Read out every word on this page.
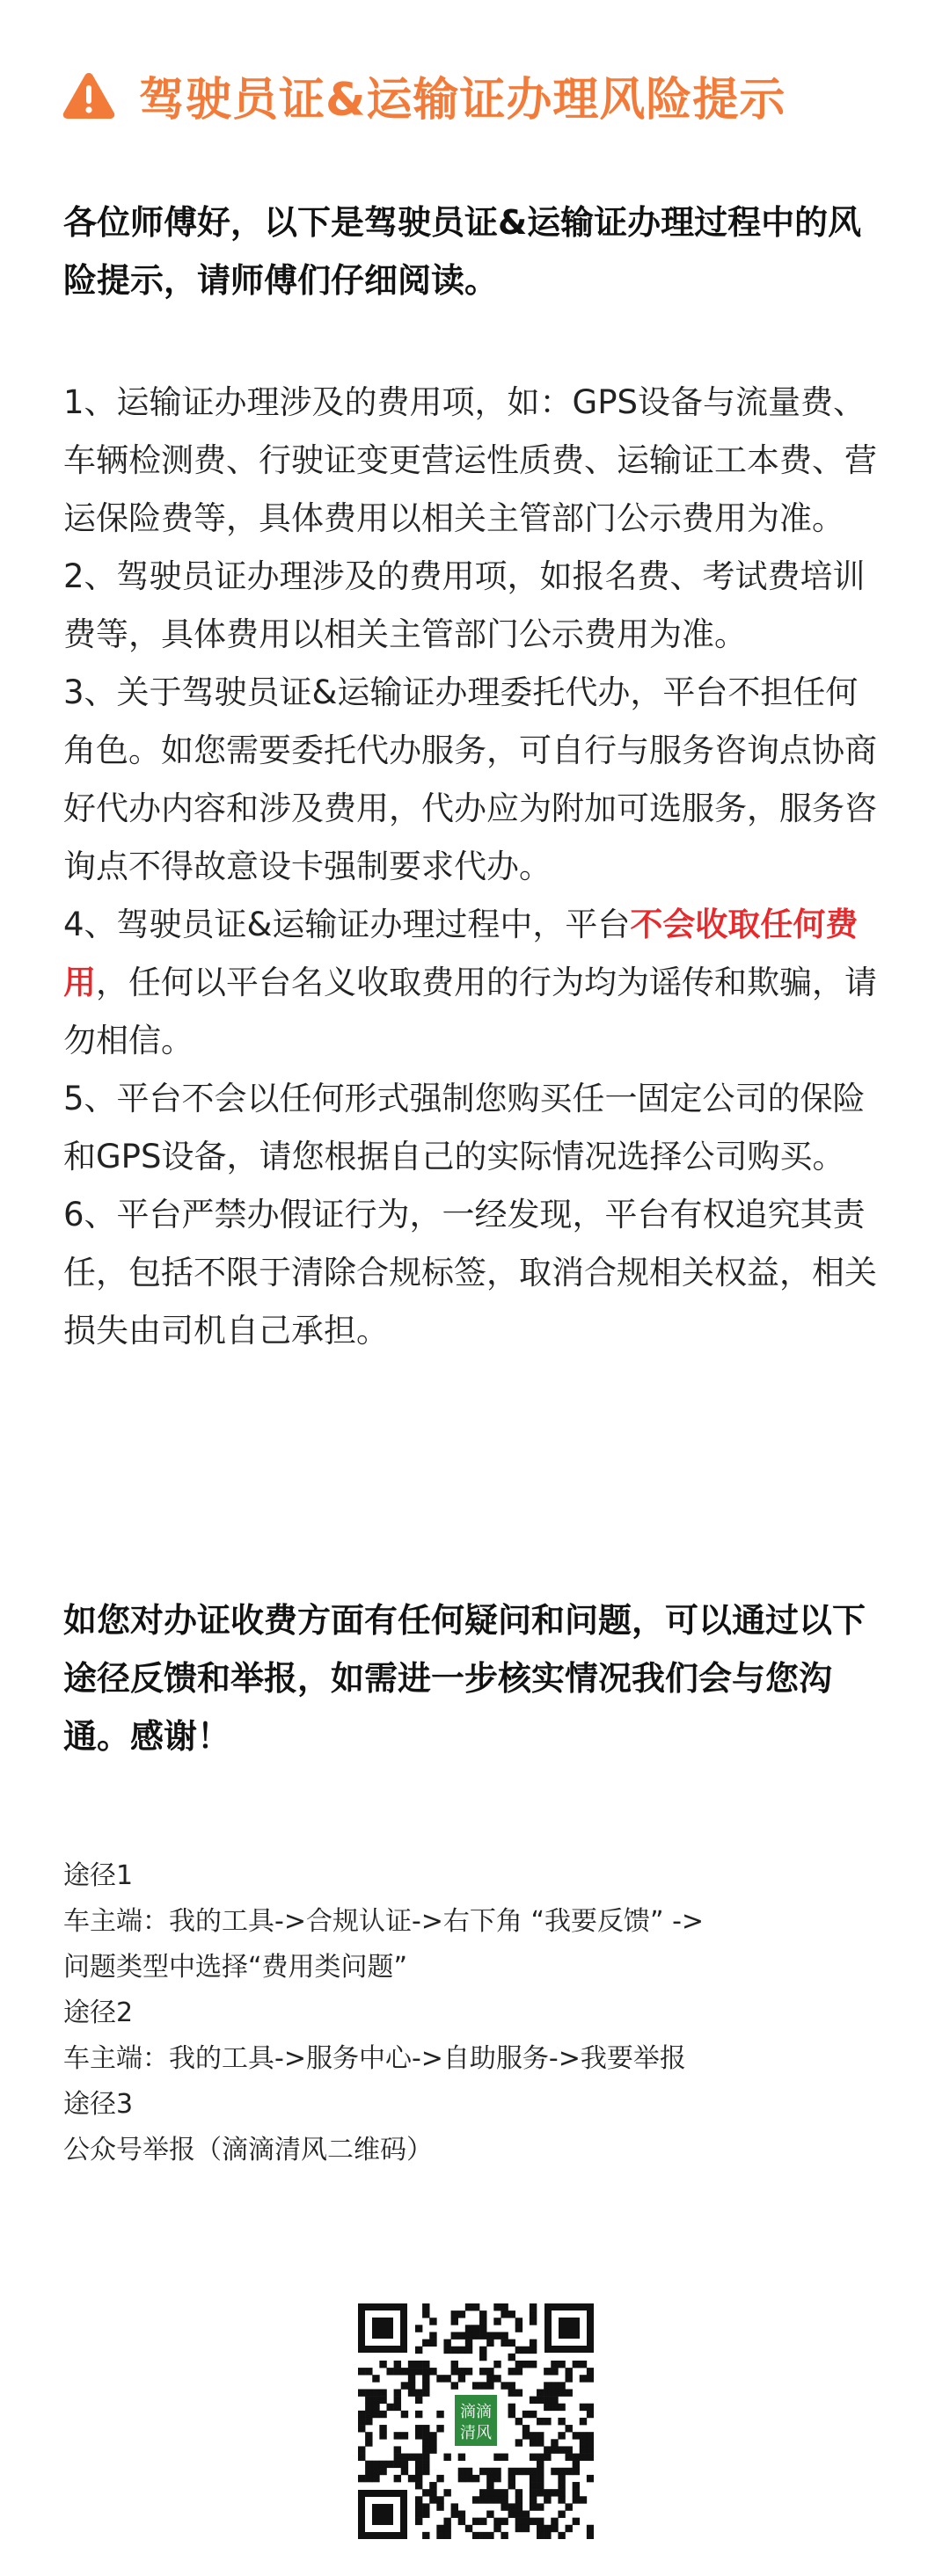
驾驶员证&运输证办理风险提示
各位师傅好，以下是驾驶员证&运输证办理过程中的风险提示，请师傅们仔细阅读。
1、运输证办理涉及的费用项，如：GPS设备与流量费、车辆检测费、行驶证变更营运性质费、运输证工本费、营运保险费等，具体费用以相关主管部门公示费用为准。
2、驾驶员证办理涉及的费用项，如报名费、考试费培训费等，具体费用以相关主管部门公示费用为准。
3、关于驾驶员证&运输证办理委托代办，平台不担任何角色。如您需要委托代办服务，可自行与服务咨询点协商好代办内容和涉及费用，代办应为附加可选服务，服务咨询点不得故意设卡强制要求代办。
4、驾驶员证&运输证办理过程中，平台不会收取任何费用，任何以平台名义收取费用的行为均为谣传和欺骗，请勿相信。
5、平台不会以任何形式强制您购买任一固定公司的保险和GPS设备，请您根据自己的实际情况选择公司购买。
6、平台严禁办假证行为，一经发现，平台有权追究其责任，包括不限于清除合规标签，取消合规相关权益，相关损失由司机自己承担。
如您对办证收费方面有任何疑问和问题，可以通过以下途径反馈和举报，如需进一步核实情况我们会与您沟通。感谢！
途径1
车主端：我的工具->合规认证->右下角 “我要反馈” ->
问题类型中选择“费用类问题”
途径2
车主端：我的工具->服务中心->自助服务->我要举报
途径3
公众号举报（滴滴清风二维码）
滴滴
清风
